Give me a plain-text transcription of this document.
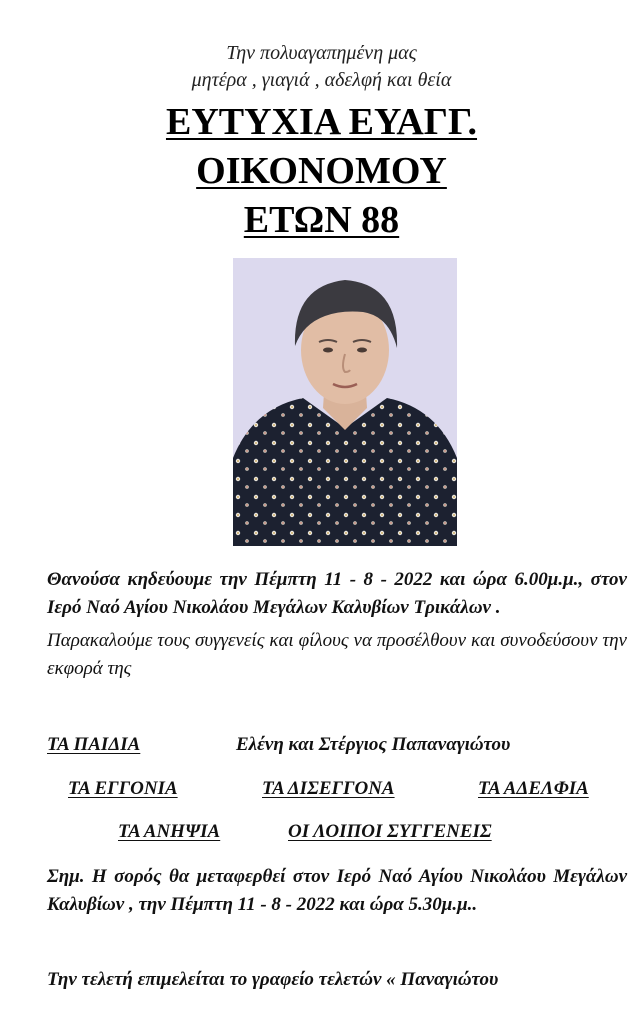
Την πολυαγαπημένη μας
μητέρα , γιαγιά , αδελφή και θεία
ΕΥΤΥΧΙΑ ΕΥΑΓΓ.
ΟΙΚΟΝΟΜΟΥ
ΕΤΩΝ 88
Θανούσα κηδεύουμε την Πέμπτη 11 - 8 - 2022 και ώρα 6.00μ.μ., στον Ιερό Ναό Αγίου Νικολάου Μεγάλων Καλυβίων Τρικάλων .
Παρακαλούμε τους συγγενείς και φίλους να προσέλθουν και συνοδεύσουν την εκφορά της
ΤΑ ΠΑΙΔΙΑ	Ελένη και Στέργιος Παπαναγιώτου
ΤΑ ΕΓΓΟΝΙΑ	ΤΑ ΔΙΣΕΓΓΟΝΑ	ΤΑ ΑΔΕΛΦΙΑ
ΤΑ ΑΝΗΨΙΑ	ΟΙ ΛΟΙΠΟΙ ΣΥΓΓΕΝΕΙΣ
Σημ. Η σορός θα μεταφερθεί στον Ιερό Ναό Αγίου Νικολάου Μεγάλων Καλυβίων , την Πέμπτη 11 - 8 - 2022 και ώρα 5.30μ.μ..
Την τελετή επιμελείται το γραφείο τελετών « Παναγιώτου
